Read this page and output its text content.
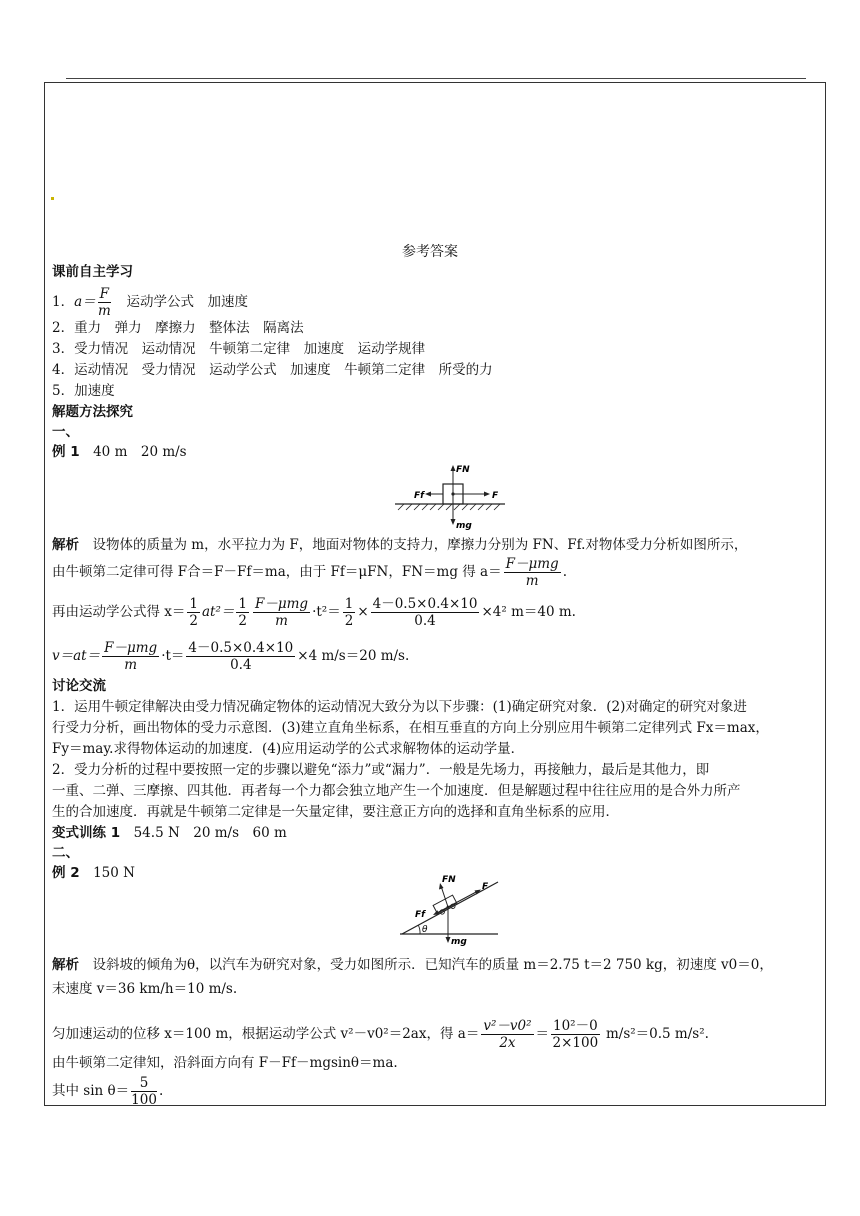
参考答案
课前自主学习
1．$a= \frac{F}{m}$ 　运动学公式　加速度
2．重力　弹力　摩擦力　整体法　隔离法
3．受力情况　运动情况　牛顿第二定律　加速度　运动学规律
4．运动情况　受力情况　运动学公式　加速度　牛顿第二定律　所受的力
5．加速度
解题方法探究
一、
例 1　40 m　20 m/s
FN
Ff	F
mg
解析　设物体的质量为 m，水平拉力为 F，地面对物体的支持力，摩擦力分别为 FN、Ff.对物体受力分析如图所示，
由牛顿第二定律可得 F合＝F－Ff＝ma，由于 Ff＝μFN，FN＝mg 得 $a= \frac{\text{F－μmg}}{m}$ .
再由运动学公式得 $x= \frac{1}{2} at^2= \frac{1}{2} \frac{\text{F－μmg}}{m} \cdot t^2= \frac{1}{2} \times \frac{4-0.5\times 0.4\times 10}{0.4} \times 4^2$ m＝40 m.
$v=at= \frac{\text{F－μmg}}{m} \cdot t= \frac{4-0.5\times 0.4\times 10}{0.4} \times 4$ m/s＝20 m/s.
讨论交流
1．运用牛顿定律解决由受力情况确定物体的运动情况大致分为以下步骤：(1)确定研究对象．(2)对确定的研究对象进
行受力分析，画出物体的受力示意图．(3)建立直角坐标系，在相互垂直的方向上分别应用牛顿第二定律列式 Fx＝max，
Fy＝may.求得物体运动的加速度．(4)应用运动学的公式求解物体的运动学量．
2．受力分析的过程中要按照一定的步骤以避免“添力”或“漏力”．一般是先场力，再接触力，最后是其他力，即
一重、二弹、三摩擦、四其他．再者每一个力都会独立地产生一个加速度．但是解题过程中往往应用的是合外力所产
生的合加速度．再就是牛顿第二定律是一矢量定律，要注意正方向的选择和直角坐标系的应用．
变式训练 1　54.5 N　20 m/s　60 m
二、
例 2　150 N
θ
FN
F
Ff
mg
解析　设斜坡的倾角为θ，以汽车为研究对象，受力如图所示．已知汽车的质量 m＝2.75 t＝2 750 kg，初速度 v0＝0，
末速度 v＝36 km/h＝10 m/s.
匀加速运动的位移 x＝100 m，根据运动学公式 v²－v0²＝2ax，得 $a= \frac{\text{v²－v0²}}{2x} = \frac{\text{10²－0}}{2\times 100} m/s^2=0.5$ m/s².
由牛顿第二定律知，沿斜面方向有 F－Ff－mgsinθ＝ma.
其中 $\sin \theta= \frac{5}{100}$ .
